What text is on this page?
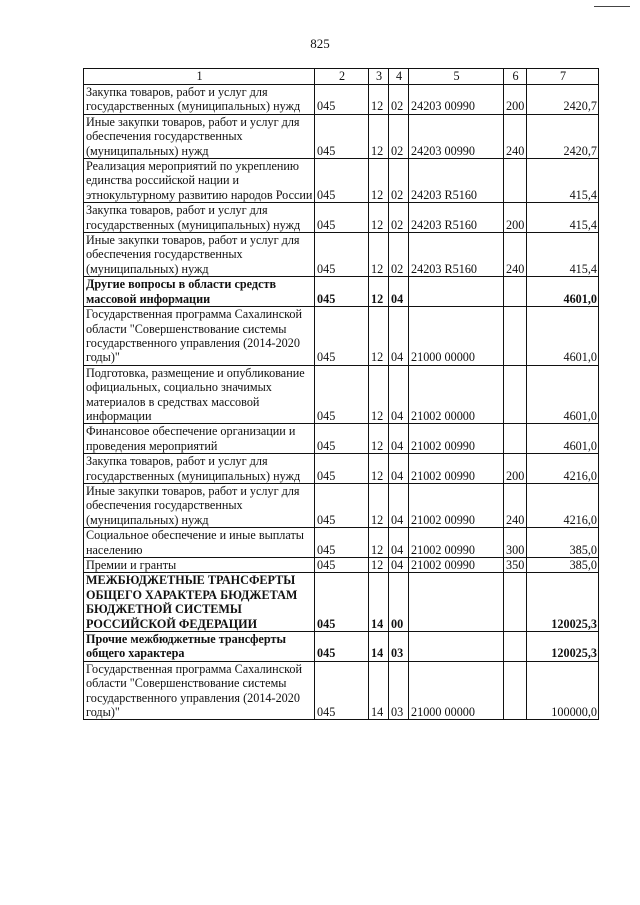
825
1	2	3	4	5	6	7
Закупка товаров, работ и услуг для государственных (муниципальных) нужд	045	12	02	24203 00990	200	2420,7
Иные закупки товаров, работ и услуг для обеспечения государственных (муниципальных) нужд	045	12	02	24203 00990	240	2420,7
Реализация мероприятий по укреплению единства российской нации и этнокультурному развитию народов России	045	12	02	24203 R5160		415,4
Закупка товаров, работ и услуг для государственных (муниципальных) нужд	045	12	02	24203 R5160	200	415,4
Иные закупки товаров, работ и услуг для обеспечения государственных (муниципальных) нужд	045	12	02	24203 R5160	240	415,4
Другие вопросы в области средств массовой информации	045	12	04			4601,0
Государственная программа Сахалинской области "Совершенствование системы государственного управления (2014-2020 годы)"	045	12	04	21000 00000		4601,0
Подготовка, размещение и опубликование официальных, социально значимых материалов в средствах массовой информации	045	12	04	21002 00000		4601,0
Финансовое обеспечение организации и проведения мероприятий	045	12	04	21002 00990		4601,0
Закупка товаров, работ и услуг для государственных (муниципальных) нужд	045	12	04	21002 00990	200	4216,0
Иные закупки товаров, работ и услуг для обеспечения государственных (муниципальных) нужд	045	12	04	21002 00990	240	4216,0
Социальное обеспечение и иные выплаты населению	045	12	04	21002 00990	300	385,0
Премии и гранты	045	12	04	21002 00990	350	385,0
МЕЖБЮДЖЕТНЫЕ ТРАНСФЕРТЫ ОБЩЕГО ХАРАКТЕРА БЮДЖЕТАМ БЮДЖЕТНОЙ СИСТЕМЫ РОССИЙСКОЙ ФЕДЕРАЦИИ	045	14	00			120025,3
Прочие межбюджетные трансферты общего характера	045	14	03			120025,3
Государственная программа Сахалинской области "Совершенствование системы государственного управления (2014-2020 годы)"	045	14	03	21000 00000		100000,0
